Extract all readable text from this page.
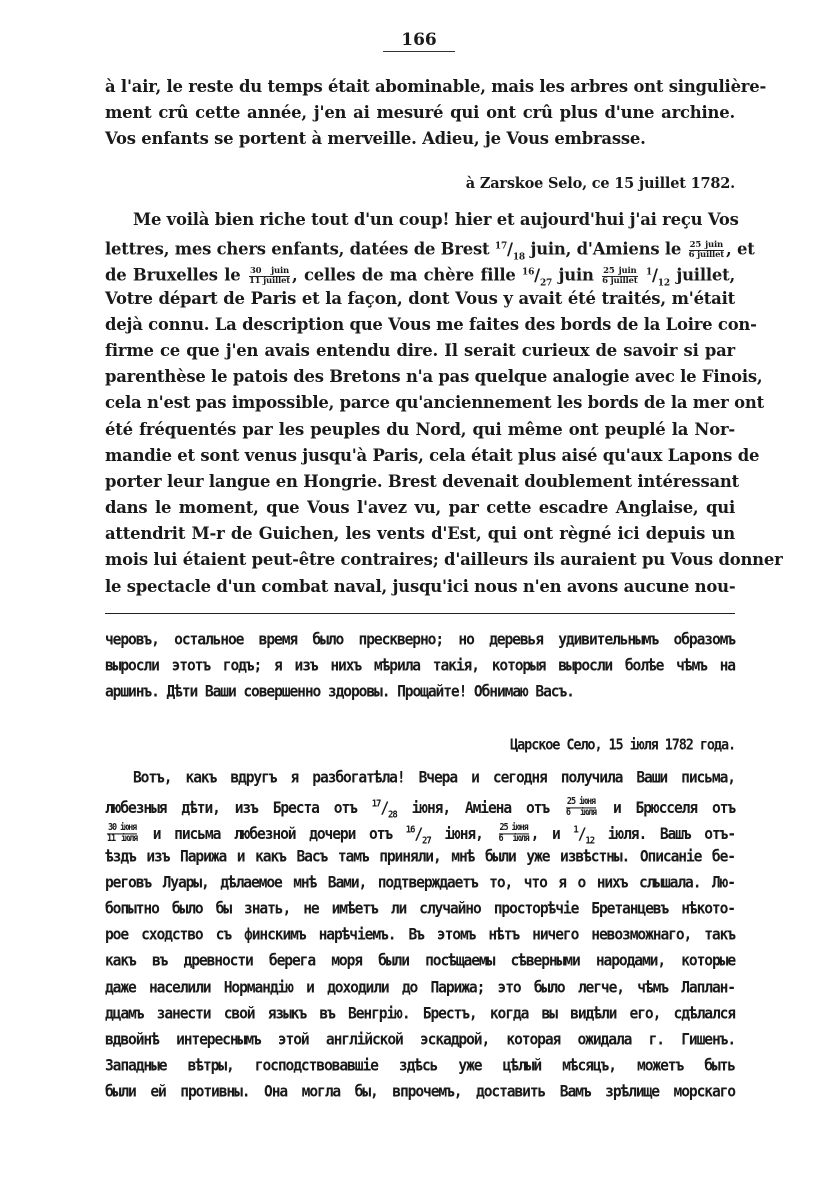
166
à l'air, le reste du temps était abominable, mais les arbres ont singulière-
ment crû cette année, j'en ai mesuré qui ont crû plus d'une archine.
Vos enfants se portent à merveille. Adieu, je Vous embrasse.
à Zarskoe Selo, ce 15 juillet 1782.
Me voilà bien riche tout d'un coup! hier et aujourd'hui j'ai reçu Vos
lettres, mes chers enfants, datées de Brest $^{17}/_{18}$ juin, d'Amiens le $\frac{\text{25 juin}}{\text{6 juillet}}$ , et
de Bruxelles le $\frac{\text{30 juin}}{\text{11 juillet}}$ , celles de ma chère fille $^{16}/_{27}$ juin $\frac{\text{25 juin}}{\text{6 juillet}} ^1/_{12}$ juillet,
Votre départ de Paris et la façon, dont Vous y avait été traités, m'était
dejà connu. La description que Vous me faites des bords de la Loire con-
firme ce que j'en avais entendu dire. Il serait curieux de savoir si par
parenthèse le patois des Bretons n'a pas quelque analogie avec le Finois,
cela n'est pas impossible, parce qu'anciennement les bords de la mer ont
été fréquentés par les peuples du Nord, qui même ont peuplé la Nor-
mandie et sont venus jusqu'à Paris, cela était plus aisé qu'aux Lapons de
porter leur langue en Hongrie. Brest devenait doublement intéressant
dans le moment, que Vous l'avez vu, par cette escadre Anglaise, qui
attendrit M-r de Guichen, les vents d'Est, qui ont règné ici depuis un
mois lui étaient peut-être contraires; d'ailleurs ils auraient pu Vous donner
le spectacle d'un combat naval, jusqu'ici nous n'en avons aucune nou-
черовъ, остальное время было прескверно; но деревья удивительнымъ образомъ
выросли этотъ годъ; я изъ нихъ мѣрила такія, которыя выросли болѣе чѣмъ на
аршинъ. Дѣти Ваши совершенно здоровы. Прощайте! Обнимаю Васъ.
Царское Село, 15 іюля 1782 года.
Вотъ, какъ вдругъ я разбогатѣла! Вчера и сегодня получила Ваши письма,
любезныя дѣти, изъ Бреста отъ $^{17}/_{28}$ іюня, Аміена отъ $\frac{\text{25 іюня}}{\text{6 іюля}}$ и Брюсселя отъ
$\frac{\text{30 іюня}}{\text{11 іюля}}$ и письма любезной дочери отъ $^{16}/_{27}$ іюня, $\frac{\text{25 іюня}}{\text{6 іюля}}$ , и $^1/_{12}$ іюля. Вашъ отъ-
ѣздъ изъ Парижа и какъ Васъ тамъ приняли, мнѣ были уже извѣстны. Описаніе бе-
реговъ Луары, дѣлаемое мнѣ Вами, подтверждаетъ то, что я о нихъ слышала. Лю-
бопытно было бы знать, не имѣетъ ли случайно просторѣчіе Бретанцевъ нѣкото-
рое сходство съ финскимъ нарѣчіемъ. Въ этомъ нѣтъ ничего невозможнаго, такъ
какъ въ древности берега моря были посѣщаемы сѣверными народами, которые
даже населили Нормандію и доходили до Парижа; это было легче, чѣмъ Лаплан-
дцамъ занести свой языкъ въ Венгрію. Брестъ, когда вы видѣли его, сдѣлался
вдвойнѣ интереснымъ этой англійской эскадрой, которая ожидала г. Гишенъ.
Западные вѣтры, господствовавшіе здѣсь уже цѣлый мѣсяцъ, можетъ быть
были ей противны. Она могла бы, впрочемъ, доставить Вамъ зрѣлище морскаго
